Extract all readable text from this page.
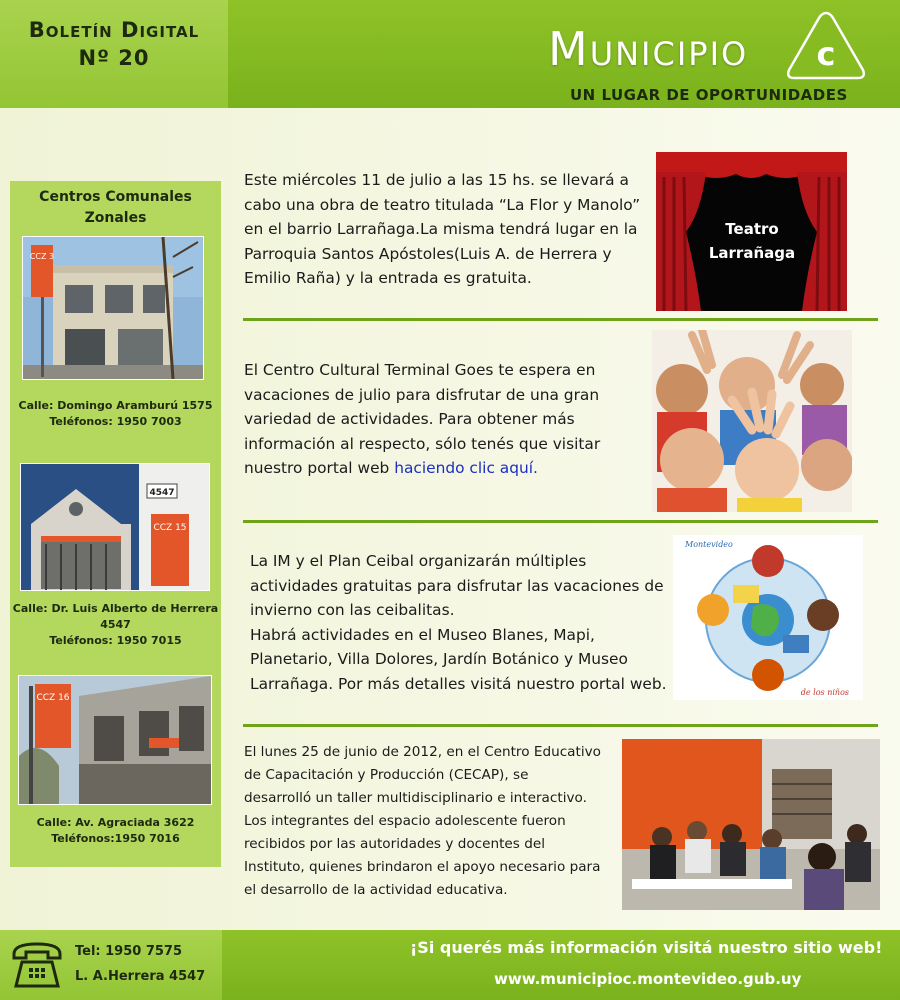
Boletín Digital
Nº 20	Municipio c
UN LUGAR DE OPORTUNIDADES
Centros Comunales
Zonales
CCZ 3
Calle: Domingo Aramburú 1575
Teléfonos: 1950 7003
4547
CCZ 15
Calle: Dr. Luis Alberto de Herrera
4547
Teléfonos: 1950 7015
CCZ 16
Calle: Av. Agraciada 3622
Teléfonos:1950 7016
Este miércoles 11 de julio a las 15 hs. se llevará a
cabo una obra de teatro titulada “La Flor y Manolo”
en el barrio Larrañaga.La misma tendrá lugar en la
Parroquia Santos Apóstoles(Luis A. de Herrera y
Emilio Raña) y la entrada es gratuita.
Teatro
Larrañaga
El Centro Cultural Terminal Goes te espera en
vacaciones de julio para disfrutar de una gran
variedad de actividades. Para obtener más
información al respecto, sólo tenés que visitar
nuestro portal web haciendo clic aquí.
La IM y el Plan Ceibal organizarán múltiples
actividades gratuitas para disfrutar las vacaciones de
invierno con las ceibalitas.
Habrá actividades en el Museo Blanes, Mapi,
Planetario, Villa Dolores, Jardín Botánico y Museo
Larrañaga. Por más detalles visitá nuestro portal web.
Montevideo
de los niños
El lunes 25 de junio de 2012, en el Centro Educativo
de Capacitación y Producción (CECAP), se
desarrolló un taller multidisciplinario e interactivo.
Los integrantes del espacio adolescente fueron
recibidos por las autoridades y docentes del
Instituto, quienes brindaron el apoyo necesario para
el desarrollo de la actividad educativa.
Tel: 1950 7575
L. A.Herrera 4547
¡Si querés más información visitá nuestro sitio web!
www.municipioc.montevideo.gub.uy
